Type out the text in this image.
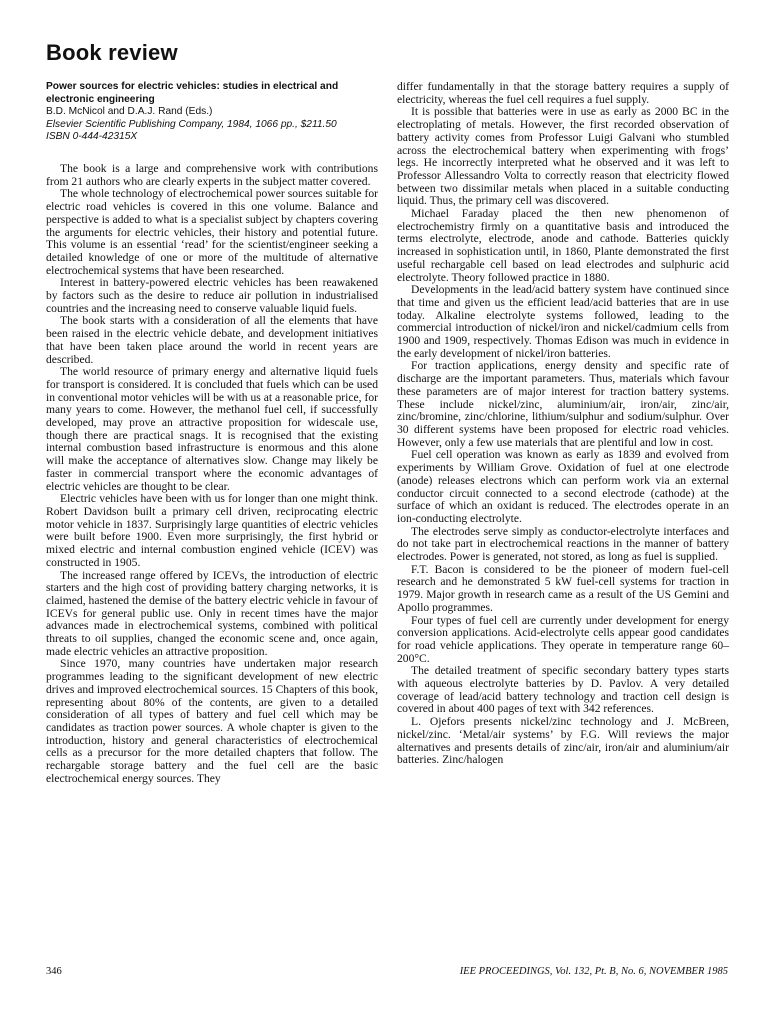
Book review
Power sources for electric vehicles: studies in electrical and electronic engineering
B.D. McNicol and D.A.J. Rand (Eds.)
Elsevier Scientific Publishing Company, 1984, 1066 pp., $211.50
ISBN 0-444-42315X

The book is a large and comprehensive work with contributions from 21 authors who are clearly experts in the subject matter covered.

The whole technology of electrochemical power sources suitable for electric road vehicles is covered in this one volume. Balance and perspective is added to what is a specialist subject by chapters covering the arguments for electric vehicles, their history and potential future. This volume is an essential ‘read’ for the scientist/engineer seeking a detailed knowledge of one or more of the multitude of alternative electrochemical systems that have been researched.

Interest in battery-powered electric vehicles has been reawakened by factors such as the desire to reduce air pollution in industrialised countries and the increasing need to conserve valuable liquid fuels.

The book starts with a consideration of all the elements that have been raised in the electric vehicle debate, and development initiatives that have been taken place around the world in recent years are described.

The world resource of primary energy and alternative liquid fuels for transport is considered. It is concluded that fuels which can be used in conventional motor vehicles will be with us at a reasonable price, for many years to come. However, the methanol fuel cell, if successfully developed, may prove an attractive proposition for widescale use, though there are practical snags. It is recognised that the existing internal combustion based infrastructure is enormous and this alone will make the acceptance of alternatives slow. Change may likely be faster in commercial transport where the economic advantages of electric vehicles are thought to be clear.

Electric vehicles have been with us for longer than one might think. Robert Davidson built a primary cell driven, reciprocating electric motor vehicle in 1837. Surprisingly large quantities of electric vehicles were built before 1900. Even more surprisingly, the first hybrid or mixed electric and internal combustion engined vehicle (ICEV) was constructed in 1905.

The increased range offered by ICEVs, the introduction of electric starters and the high cost of providing battery charging networks, it is claimed, hastened the demise of the battery electric vehicle in favour of ICEVs for general public use. Only in recent times have the major advances made in electrochemical systems, combined with political threats to oil supplies, changed the economic scene and, once again, made electric vehicles an attractive proposition.

Since 1970, many countries have undertaken major research programmes leading to the significant development of new electric drives and improved electrochemical sources. 15 Chapters of this book, representing about 80% of the contents, are given to a detailed consideration of all types of battery and fuel cell which may be candidates as traction power sources. A whole chapter is given to the introduction, history and general characteristics of electrochemical cells as a precursor for the more detailed chapters that follow. The rechargable storage battery and the fuel cell are the basic electrochemical energy sources. They

differ fundamentally in that the storage battery requires a supply of electricity, whereas the fuel cell requires a fuel supply.

It is possible that batteries were in use as early as 2000 BC in the electroplating of metals. However, the first recorded observation of battery activity comes from Professor Luigi Galvani who stumbled across the electrochemical battery when experimenting with frogs’ legs. He incorrectly interpreted what he observed and it was left to Professor Allessandro Volta to correctly reason that electricity flowed between two dissimilar metals when placed in a suitable conducting liquid. Thus, the primary cell was discovered.

Michael Faraday placed the then new phenomenon of electrochemistry firmly on a quantitative basis and introduced the terms electrolyte, electrode, anode and cathode. Batteries quickly increased in sophistication until, in 1860, Plante demonstrated the first useful rechargable cell based on lead electrodes and sulphuric acid electrolyte. Theory followed practice in 1880.

Developments in the lead/acid battery system have continued since that time and given us the efficient lead/acid batteries that are in use today. Alkaline electrolyte systems followed, leading to the commercial introduction of nickel/iron and nickel/cadmium cells from 1900 and 1909, respectively. Thomas Edison was much in evidence in the early development of nickel/iron batteries.

For traction applications, energy density and specific rate of discharge are the important parameters. Thus, materials which favour these parameters are of major interest for traction battery systems. These include nickel/zinc, aluminium/air, iron/air, zinc/air, zinc/bromine, zinc/chlorine, lithium/sulphur and sodium/sulphur. Over 30 different systems have been proposed for electric road vehicles. However, only a few use materials that are plentiful and low in cost.

Fuel cell operation was known as early as 1839 and evolved from experiments by William Grove. Oxidation of fuel at one electrode (anode) releases electrons which can perform work via an external conductor circuit connected to a second electrode (cathode) at the surface of which an oxidant is reduced. The electrodes operate in an ion-conducting electrolyte.

The electrodes serve simply as conductor-electrolyte interfaces and do not take part in electrochemical reactions in the manner of battery electrodes. Power is generated, not stored, as long as fuel is supplied.

F.T. Bacon is considered to be the pioneer of modern fuel-cell research and he demonstrated 5 kW fuel-cell systems for traction in 1979. Major growth in research came as a result of the US Gemini and Apollo programmes.

Four types of fuel cell are currently under development for energy conversion applications. Acid-electrolyte cells appear good candidates for road vehicle applications. They operate in temperature range 60–200°C.

The detailed treatment of specific secondary battery types starts with aqueous electrolyte batteries by D. Pavlov. A very detailed coverage of lead/acid battery technology and traction cell design is covered in about 400 pages of text with 342 references.

L. Ojefors presents nickel/zinc technology and J. McBreen, nickel/zinc. ‘Metal/air systems’ by F.G. Will reviews the major alternatives and presents details of zinc/air, iron/air and aluminium/air batteries. Zinc/halogen

346	IEE PROCEEDINGS, Vol. 132, Pt. B, No. 6, NOVEMBER 1985
